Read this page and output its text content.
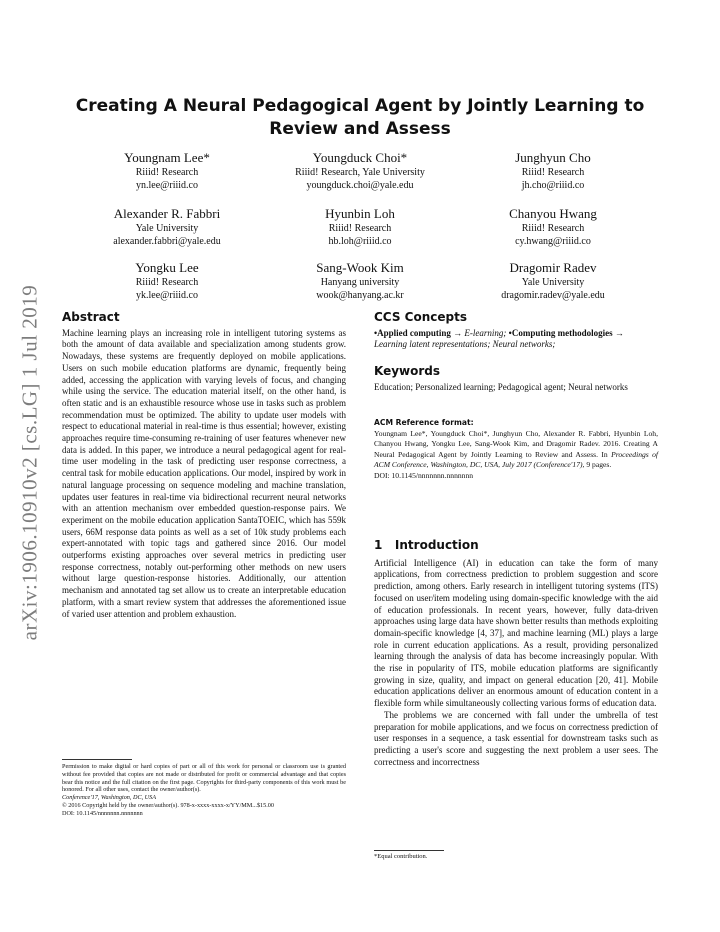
arXiv:1906.10910v2 [cs.LG] 1 Jul 2019
Creating A Neural Pedagogical Agent by Jointly Learning to
Review and Assess
Youngnam Lee*
Riiid! Research
yn.lee@riiid.co
Youngduck Choi*
Riiid! Research, Yale University
youngduck.choi@yale.edu
Junghyun Cho
Riiid! Research
jh.cho@riiid.co
Alexander R. Fabbri
Yale University
alexander.fabbri@yale.edu
Hyunbin Loh
Riiid! Research
hb.loh@riiid.co
Chanyou Hwang
Riiid! Research
cy.hwang@riiid.co
Yongku Lee
Riiid! Research
yk.lee@riiid.co
Sang-Wook Kim
Hanyang university
wook@hanyang.ac.kr
Dragomir Radev
Yale University
dragomir.radev@yale.edu
Abstract

Machine learning plays an increasing role in intelligent tutoring systems as both the amount of data available and specialization among students grow. Nowadays, these systems are frequently deployed on mobile applications. Users on such mobile education platforms are dynamic, frequently being added, accessing the application with varying levels of focus, and changing while using the service. The education material itself, on the other hand, is often static and is an exhaustible resource whose use in tasks such as problem recommendation must be optimized. The ability to update user models with respect to educational material in real-time is thus essential; however, existing approaches require time-consuming re-training of user features whenever new data is added. In this paper, we introduce a neural pedagogical agent for real-time user modeling in the task of predicting user response correctness, a central task for mobile education applications. Our model, inspired by work in natural language processing on sequence modeling and machine translation, updates user features in real-time via bidirectional recurrent neural networks with an attention mechanism over embedded question-response pairs. We experiment on the mobile education application SantaTOEIC, which has 559k users, 66M response data points as well as a set of 10k study problems each expert-annotated with topic tags and gathered since 2016. Our model outperforms existing approaches over several metrics in predicting user response correctness, notably out-performing other methods on new users without large question-response histories. Additionally, our attention mechanism and annotated tag set allow us to create an interpretable education platform, with a smart review system that addresses the aforementioned issue of varied user attention and problem exhaustion.

CCS Concepts

•Applied computing → E-learning; •Computing methodologies → Learning latent representations; Neural networks;

Keywords

Education; Personalized learning; Pedagogical agent; Neural networks

ACM Reference format:

Youngnam Lee*, Youngduck Choi*, Junghyun Cho, Alexander R. Fabbri, Hyunbin Loh, Chanyou Hwang, Yongku Lee, Sang-Wook Kim, and Dragomir Radev. 2016. Creating A Neural Pedagogical Agent by Jointly Learning to Review and Assess. In Proceedings of ACM Conference, Washington, DC, USA, July 2017 (Conference'17), 9 pages.

DOI: 10.1145/nnnnnnn.nnnnnnn
1 Introduction

Artificial Intelligence (AI) in education can take the form of many applications, from correctness prediction to problem suggestion and score prediction, among others. Early research in intelligent tutoring systems (ITS) focused on user/item modeling using domain-specific knowledge with the aid of education professionals. In recent years, however, fully data-driven approaches using large data have shown better results than methods exploiting domain-specific knowledge [4, 37], and machine learning (ML) plays a large role in current education applications. As a result, providing personalized learning through the analysis of data has become increasingly popular. With the rise in popularity of ITS, mobile education platforms are significantly growing in size, quality, and impact on general education [20, 41]. Mobile education applications deliver an enormous amount of education content in a flexible form while simultaneously collecting various forms of education data.

The problems we are concerned with fall under the umbrella of test preparation for mobile applications, and we focus on correctness prediction of user responses in a sequence, a task essential for downstream tasks such as predicting a user's score and suggesting the next problem a user sees. The correctness and incorrectness

Permission to make digital or hard copies of part or all of this work for personal or classroom use is granted without fee provided that copies are not made or distributed for profit or commercial advantage and that copies bear this notice and the full citation on the first page. Copyrights for third-party components of this work must be honored. For all other uses, contact the owner/author(s).
Conference'17, Washington, DC, USA
© 2016 Copyright held by the owner/author(s). 978-x-xxxx-xxxx-x/YY/MM...$15.00
DOI: 10.1145/nnnnnnn.nnnnnnn
*Equal contribution.
